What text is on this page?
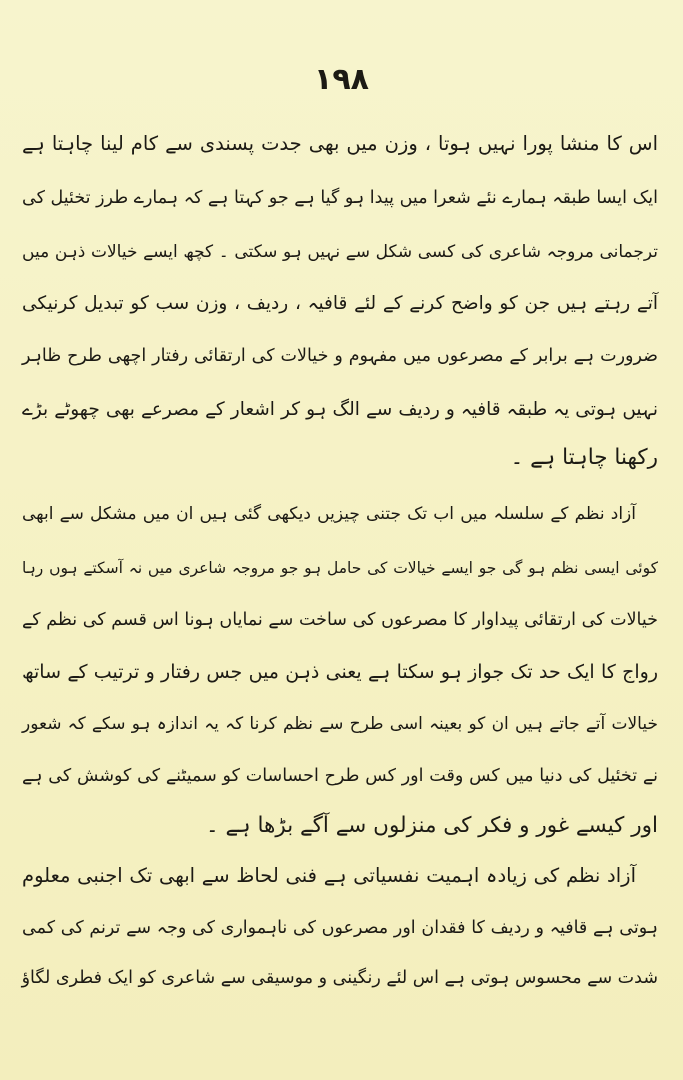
۱۹۸
اس کا منشا پورا نہیں ہوتا ، وزن میں بھی جدت پسندی سے کام لینا چاہتا ہے
ایک ایسا طبقہ ہمارے نئے شعرا میں پیدا ہو گیا ہے جو کہتا ہے کہ ہمارے طرز تخئیل کی
ترجمانی مروجہ شاعری کی کسی شکل سے نہیں ہو سکتی ۔ کچھ ایسے خیالات ذہن میں
آتے رہتے ہیں جن کو واضح کرنے کے لئے قافیہ ، ردیف ، وزن سب کو تبدیل کرنیکی
ضرورت ہے برابر کے مصرعوں میں مفہوم و خیالات کی ارتقائی رفتار اچھی طرح ظاہر
نہیں ہوتی یہ طبقہ قافیہ و ردیف سے الگ ہو کر اشعار کے مصرعے بھی چھوٹے بڑے
رکھنا چاہتا ہے ۔
آزاد نظم کے سلسلہ میں اب تک جتنی چیزیں دیکھی گئی ہیں ان میں مشکل سے ابھی
کوئی ایسی نظم ہو گی جو ایسے خیالات کی حامل ہو جو مروجہ شاعری میں نہ آسکتے ہوں رہا
خیالات کی ارتقائی پیداوار کا مصرعوں کی ساخت سے نمایاں ہونا اس قسم کی نظم کے
رواج کا ایک حد تک جواز ہو سکتا ہے یعنی ذہن میں جس رفتار و ترتیب کے ساتھ
خیالات آتے جاتے ہیں ان کو بعینہ اسی طرح سے نظم کرنا کہ یہ اندازہ ہو سکے کہ شعور
نے تخئیل کی دنیا میں کس وقت اور کس طرح احساسات کو سمیٹنے کی کوشش کی ہے
اور کیسے غور و فکر کی منزلوں سے آگے بڑھا ہے ۔
آزاد نظم کی زیادہ اہمیت نفسیاتی ہے فنی لحاظ سے ابھی تک اجنبی معلوم
ہوتی ہے قافیہ و ردیف کا فقدان اور مصرعوں کی ناہمواری کی وجہ سے ترنم کی کمی
شدت سے محسوس ہوتی ہے اس لئے رنگینی و موسیقی سے شاعری کو ایک فطری لگاؤ
